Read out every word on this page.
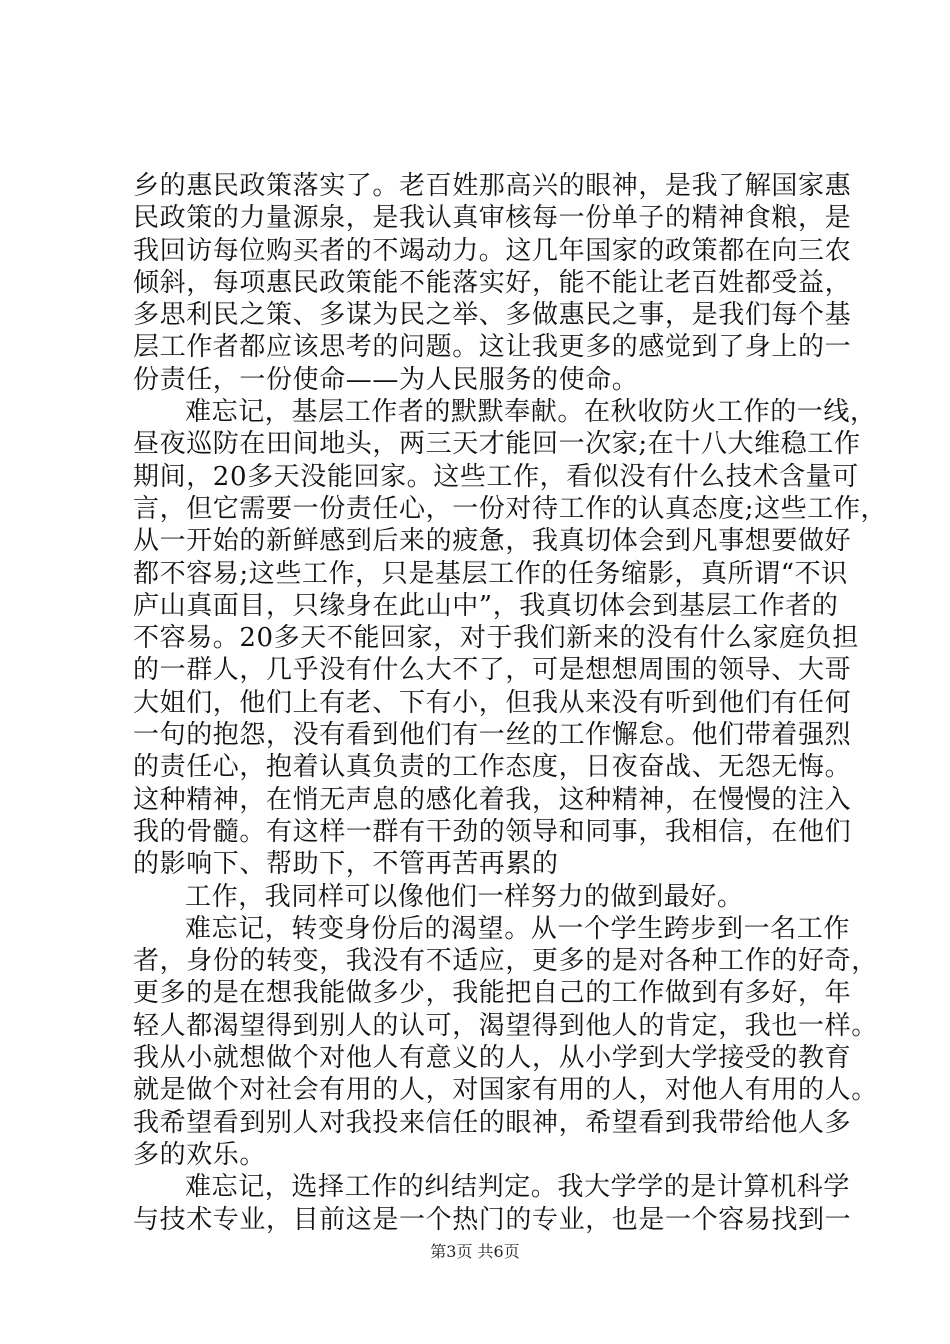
乡的惠民政策落实了。老百姓那高兴的眼神，是我了解国家惠
民政策的力量源泉，是我认真审核每一份单子的精神食粮，是
我回访每位购买者的不竭动力。这几年国家的政策都在向三农
倾斜，每项惠民政策能不能落实好，能不能让老百姓都受益，
多思利民之策、多谋为民之举、多做惠民之事，是我们每个基
层工作者都应该思考的问题。这让我更多的感觉到了身上的一
份责任，一份使命——为人民服务的使命。
难忘记，基层工作者的默默奉献。在秋收防火工作的一线，
昼夜巡防在田间地头，两三天才能回一次家;在十八大维稳工作
期间，20多天没能回家。这些工作，看似没有什么技术含量可
言，但它需要一份责任心，一份对待工作的认真态度;这些工作，
从一开始的新鲜感到后来的疲惫，我真切体会到凡事想要做好
都不容易;这些工作，只是基层工作的任务缩影，真所谓“不识
庐山真面目，只缘身在此山中”，我真切体会到基层工作者的
不容易。20多天不能回家，对于我们新来的没有什么家庭负担
的一群人，几乎没有什么大不了，可是想想周围的领导、大哥
大姐们，他们上有老、下有小，但我从来没有听到他们有任何
一句的抱怨，没有看到他们有一丝的工作懈怠。他们带着强烈
的责任心，抱着认真负责的工作态度，日夜奋战、无怨无悔。
这种精神，在悄无声息的感化着我，这种精神，在慢慢的注入
我的骨髓。有这样一群有干劲的领导和同事，我相信，在他们
的影响下、帮助下，不管再苦再累的
工作，我同样可以像他们一样努力的做到最好。
难忘记，转变身份后的渴望。从一个学生跨步到一名工作
者，身份的转变，我没有不适应，更多的是对各种工作的好奇，
更多的是在想我能做多少，我能把自己的工作做到有多好，年
轻人都渴望得到别人的认可，渴望得到他人的肯定，我也一样。
我从小就想做个对他人有意义的人，从小学到大学接受的教育
就是做个对社会有用的人，对国家有用的人，对他人有用的人。
我希望看到别人对我投来信任的眼神，希望看到我带给他人多
多的欢乐。
难忘记，选择工作的纠结判定。我大学学的是计算机科学
与技术专业，目前这是一个热门的专业，也是一个容易找到一
第3页 共6页
